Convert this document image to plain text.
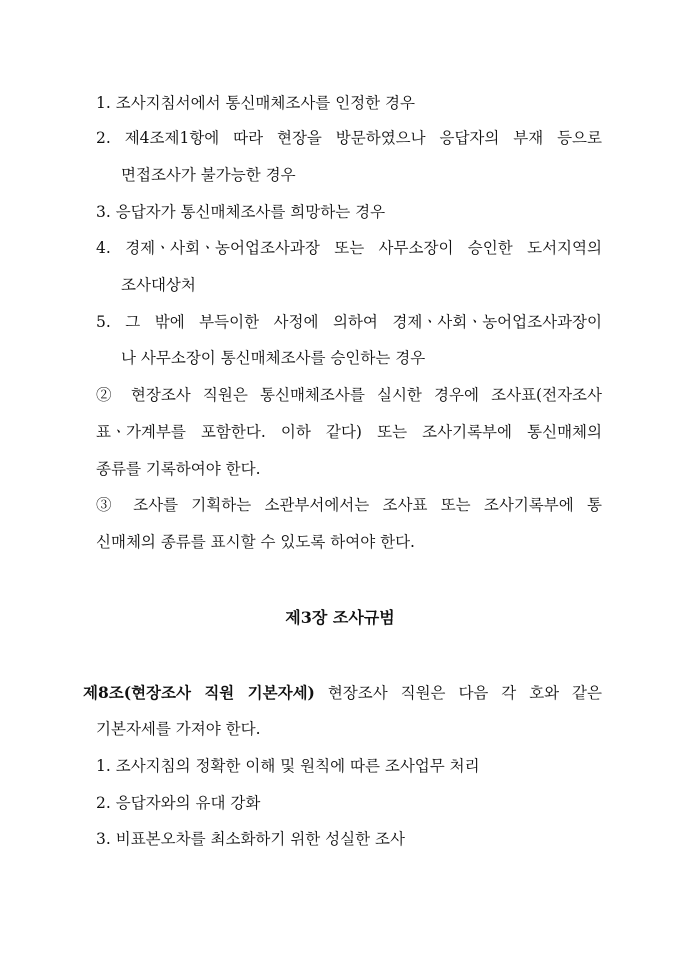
1. 조사지침서에서 통신매체조사를 인정한 경우
2. 제4조제1항에 따라 현장을 방문하였으나 응답자의 부재 등으로
면접조사가 불가능한 경우
3. 응답자가 통신매체조사를 희망하는 경우
4. 경제ㆍ사회ㆍ농어업조사과장 또는 사무소장이 승인한 도서지역의
조사대상처
5. 그 밖에 부득이한 사정에 의하여 경제ㆍ사회ㆍ농어업조사과장이
나 사무소장이 통신매체조사를 승인하는 경우
② 현장조사 직원은 통신매체조사를 실시한 경우에 조사표(전자조사
표ㆍ가계부를 포함한다. 이하 같다) 또는 조사기록부에 통신매체의
종류를 기록하여야 한다.
③ 조사를 기획하는 소관부서에서는 조사표 또는 조사기록부에 통
신매체의 종류를 표시할 수 있도록 하여야 한다.
제3장 조사규범
제8조(현장조사 직원 기본자세) 현장조사 직원은 다음 각 호와 같은
기본자세를 가져야 한다.
1. 조사지침의 정확한 이해 및 원칙에 따른 조사업무 처리
2. 응답자와의 유대 강화
3. 비표본오차를 최소화하기 위한 성실한 조사
